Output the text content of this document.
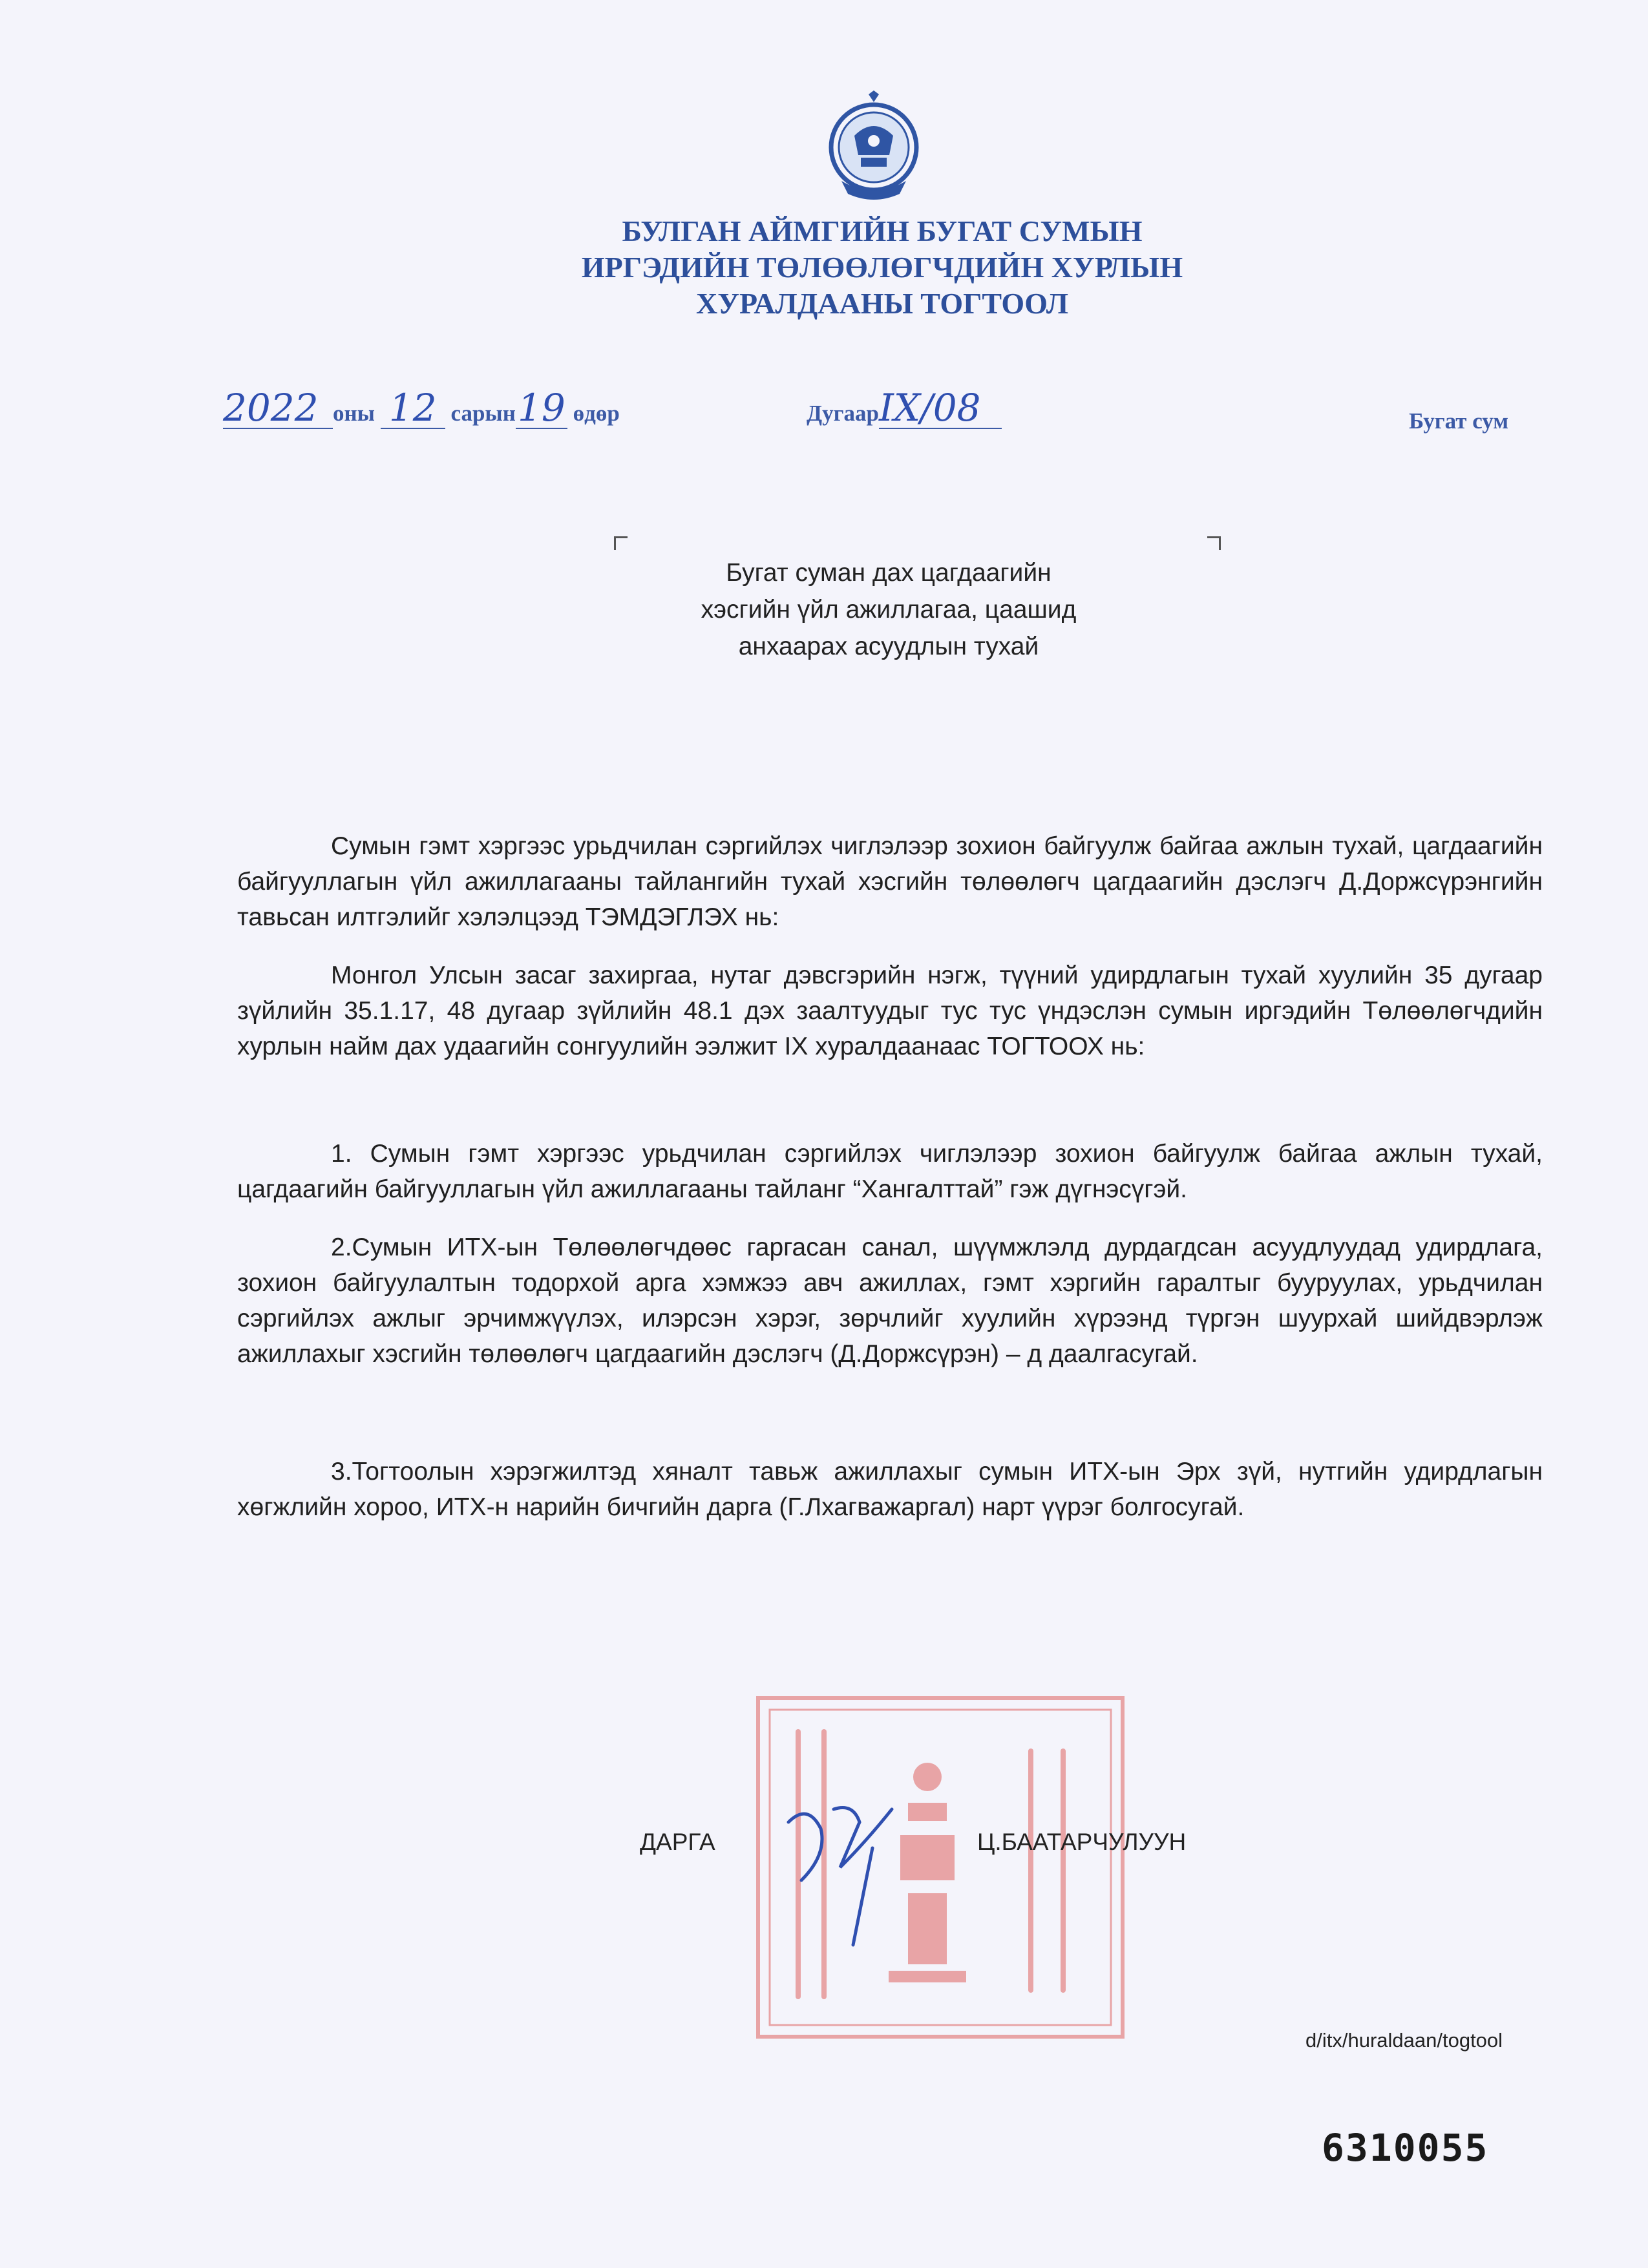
БУЛГАН АЙМГИЙН БУГАТ СУМЫН
ИРГЭДИЙН ТӨЛӨӨЛӨГЧДИЙН ХУРЛЫН
ХУРАЛДААНЫ ТОГТООЛ
2022 оны 12 сарын19 өдөр	ДугаарIX/08	Бугат сум
Бугат суман дах цагдаагийн
хэсгийн үйл ажиллагаа, цаашид
анхаарах асуудлын тухай

Сумын гэмт хэргээс урьдчилан сэргийлэх чиглэлээр зохион байгуулж байгаа ажлын тухай, цагдаагийн байгууллагын үйл ажиллагааны тайлангийн тухай хэсгийн төлөөлөгч цагдаагийн дэслэгч Д.Доржсүрэнгийн тавьсан илтгэлийг хэлэлцээд ТЭМДЭГЛЭХ нь:

Монгол Улсын засаг захиргаа, нутаг дэвсгэрийн нэгж, түүний удирдлагын тухай хуулийн 35 дугаар зүйлийн 35.1.17, 48 дугаар зүйлийн 48.1 дэх заалтуудыг тус тус үндэслэн сумын иргэдийн Төлөөлөгчдийн хурлын найм дах удаагийн сонгуулийн ээлжит IX хуралдаанаас ТОГТООХ нь:

1. Сумын гэмт хэргээс урьдчилан сэргийлэх чиглэлээр зохион байгуулж байгаа ажлын тухай, цагдаагийн байгууллагын үйл ажиллагааны тайланг “Хангалттай” гэж дүгнэсүгэй.

2.Сумын ИТХ-ын Төлөөлөгчдөөс гаргасан санал, шүүмжлэлд дурдагдсан асуудлуудад удирдлага, зохион байгуулалтын тодорхой арга хэмжээ авч ажиллах, гэмт хэргийн гаралтыг бууруулах, урьдчилан сэргийлэх ажлыг эрчимжүүлэх, илэрсэн хэрэг, зөрчлийг хуулийн хүрээнд түргэн шуурхай шийдвэрлэж ажиллахыг хэсгийн төлөөлөгч цагдаагийн дэслэгч (Д.Доржсүрэн) – д даалгасугай.

3.Тогтоолын хэрэгжилтэд хяналт тавьж ажиллахыг сумын ИТХ-ын Эрх зүй, нутгийн удирдлагын хөгжлийн хороо, ИТХ-н нарийн бичгийн дарга (Г.Лхагважаргал) нарт үүрэг болгосугай.

ДАРГА	Ц.БААТАРЧУЛУУН
d/itx/huraldaan/togtool
6310055
